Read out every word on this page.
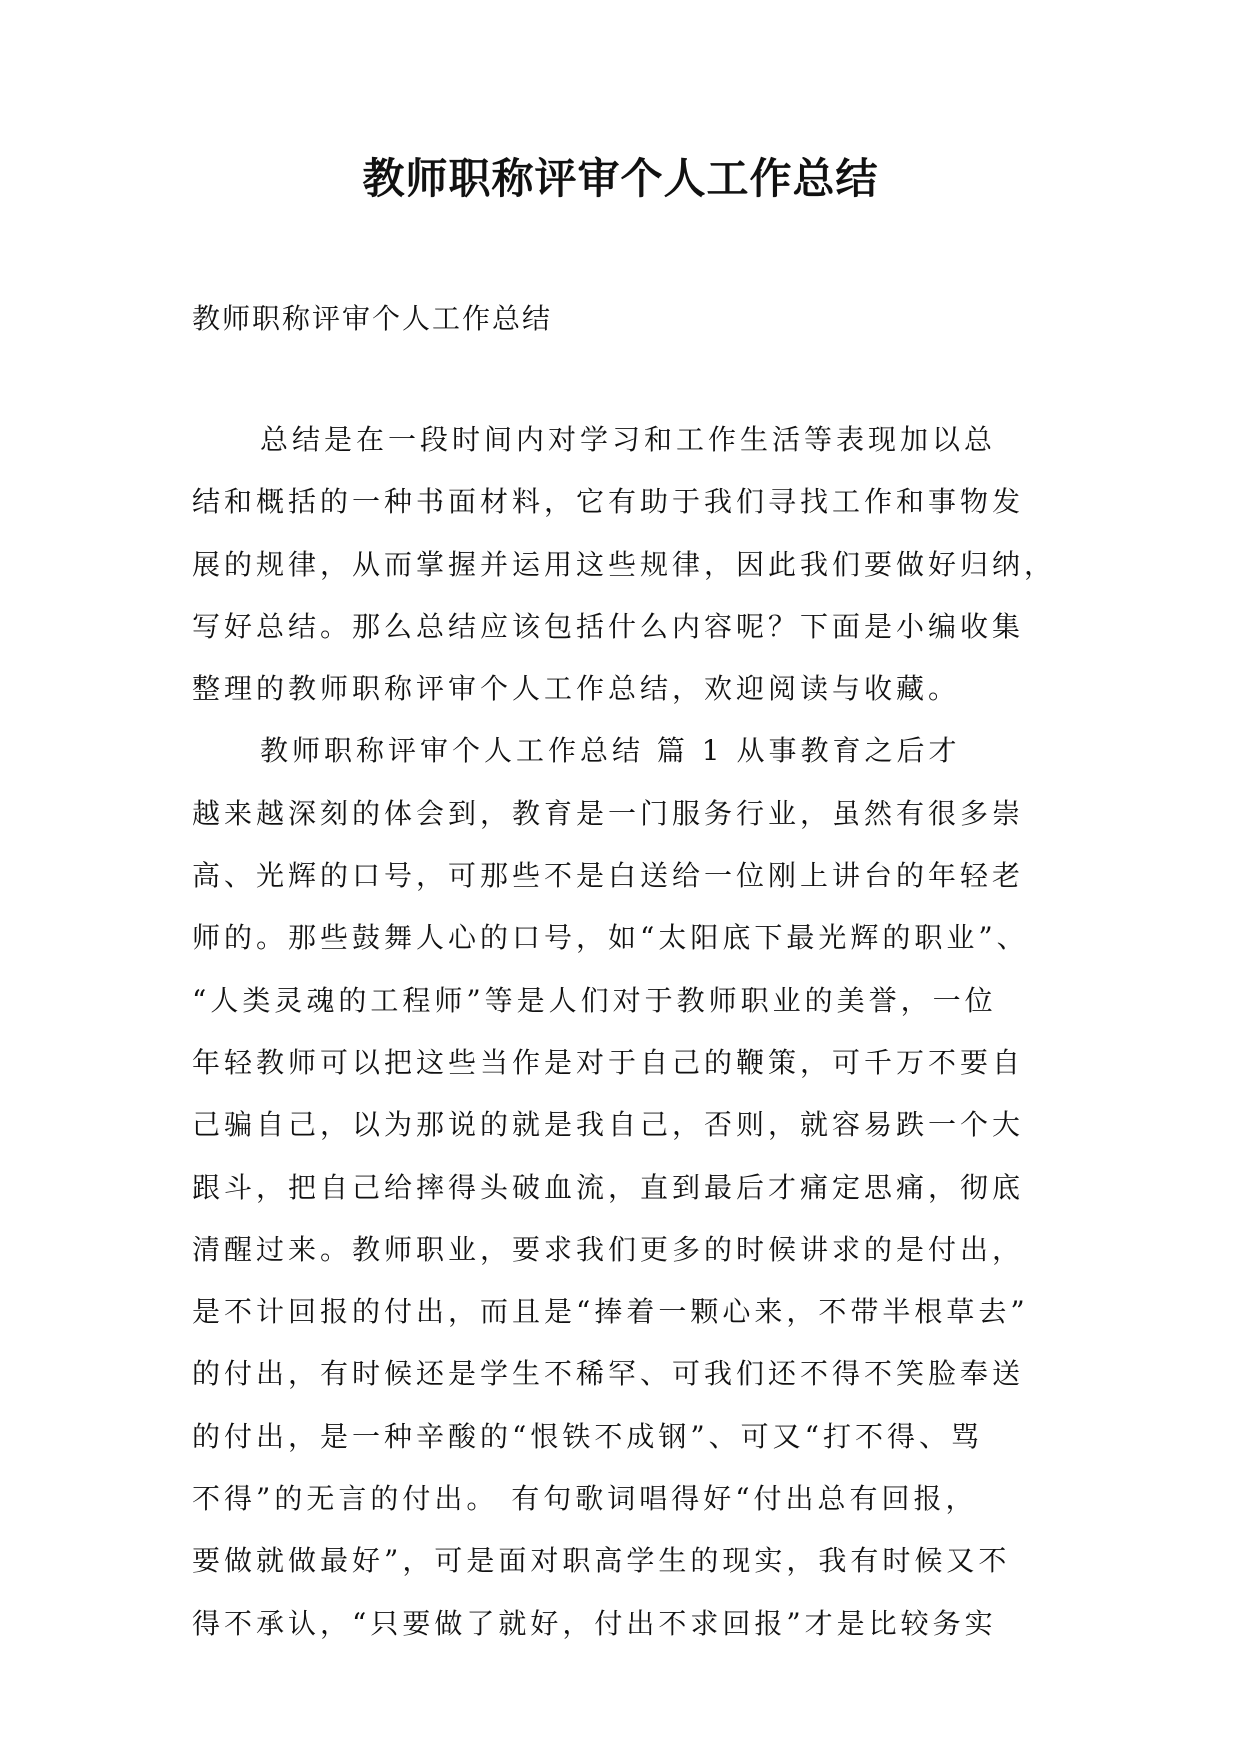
教师职称评审个人工作总结
教师职称评审个人工作总结
总结是在一段时间内对学习和工作生活等表现加以总
结和概括的一种书面材料，它有助于我们寻找工作和事物发
展的规律，从而掌握并运用这些规律，因此我们要做好归纳，
写好总结。那么总结应该包括什么内容呢？下面是小编收集
整理的教师职称评审个人工作总结，欢迎阅读与收藏。
教师职称评审个人工作总结 篇 1 从事教育之后才
越来越深刻的体会到，教育是一门服务行业，虽然有很多崇
高、光辉的口号，可那些不是白送给一位刚上讲台的年轻老
师的。那些鼓舞人心的口号，如“太阳底下最光辉的职业”、
“人类灵魂的工程师”等是人们对于教师职业的美誉，一位
年轻教师可以把这些当作是对于自己的鞭策，可千万不要自
己骗自己，以为那说的就是我自己，否则，就容易跌一个大
跟斗，把自己给摔得头破血流，直到最后才痛定思痛，彻底
清醒过来。教师职业，要求我们更多的时候讲求的是付出，
是不计回报的付出，而且是“捧着一颗心来，不带半根草去”
的付出，有时候还是学生不稀罕、可我们还不得不笑脸奉送
的付出，是一种辛酸的“恨铁不成钢”、可又“打不得、骂
不得”的无言的付出。 有句歌词唱得好“付出总有回报，
要做就做最好”，可是面对职高学生的现实，我有时候又不
得不承认，“只要做了就好，付出不求回报”才是比较务实
